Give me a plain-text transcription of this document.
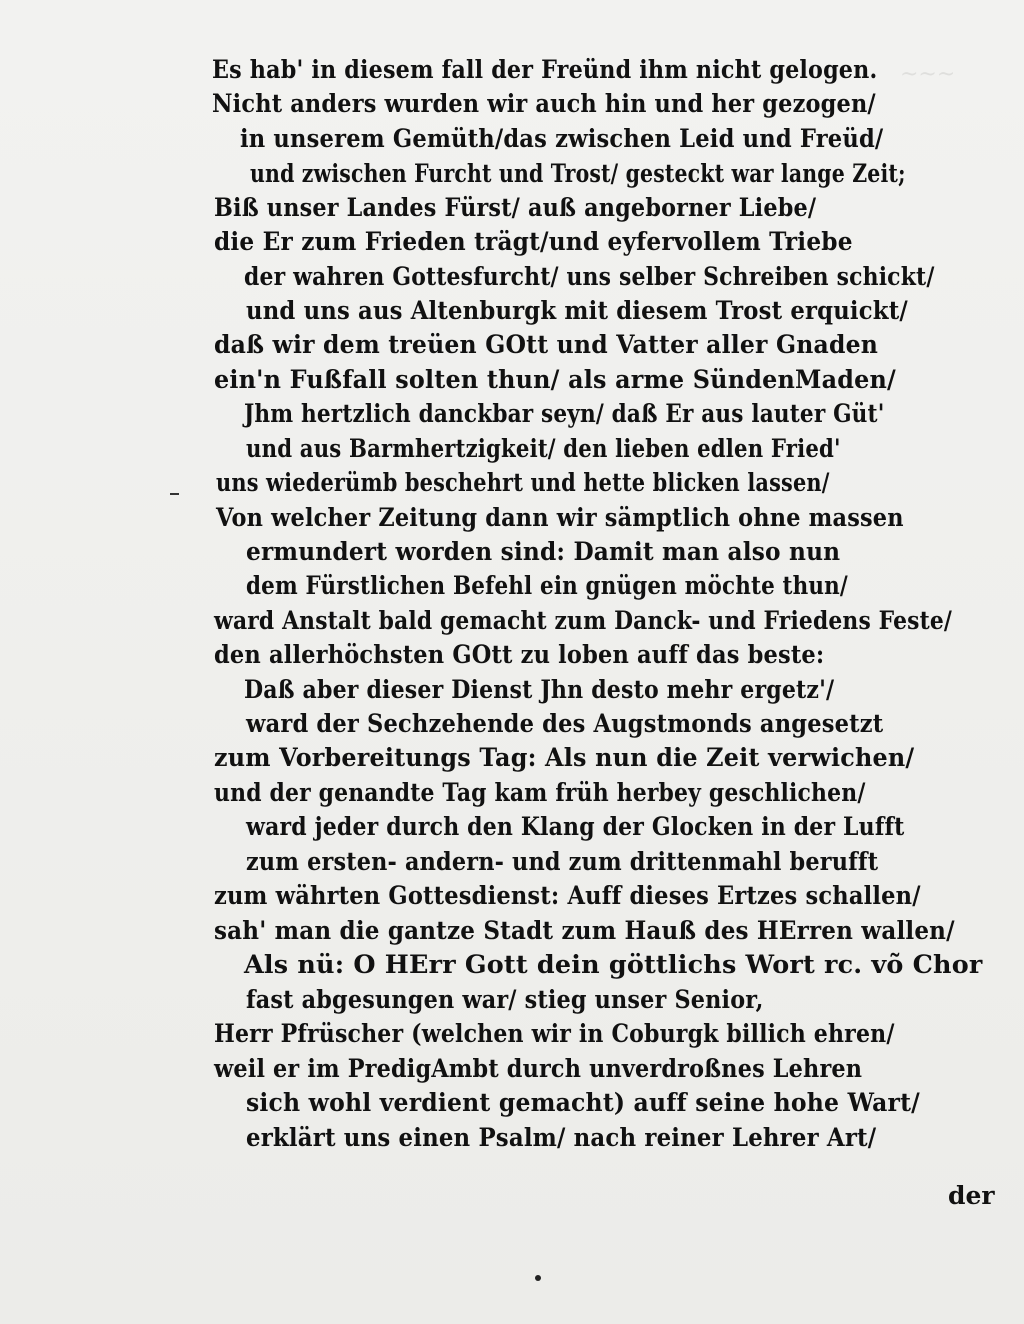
~~~
Es hab' in diesem fall der Freünd ihm nicht gelogen.
Nicht anders wurden wir auch hin und her gezogen/
in unserem Gemüth/das zwischen Leid und Freüd/
und zwischen Furcht und Trost/ gesteckt war lange Zeit;
Biß unser Landes Fürst/ auß angeborner Liebe/
die Er zum Frieden trägt/und eyfervollem Triebe
der wahren Gottesfurcht/ uns selber Schreiben schickt/
und uns aus Altenburgk mit diesem Trost erquickt/
daß wir dem treüen GOtt und Vatter aller Gnaden
ein'n Fußfall solten thun/ als arme SündenMaden/
Jhm hertzlich danckbar seyn/ daß Er aus lauter Güt'
und aus Barmhertzigkeit/ den lieben edlen Fried'
uns wiederümb beschehrt und hette blicken lassen/
Von welcher Zeitung dann wir sämptlich ohne massen
ermundert worden sind: Damit man also nun
dem Fürstlichen Befehl ein gnügen möchte thun/
ward Anstalt bald gemacht zum Danck- und Friedens Feste/
den allerhöchsten GOtt zu loben auff das beste:
Daß aber dieser Dienst Jhn desto mehr ergetz'/
ward der Sechzehende des Augstmonds angesetzt
zum Vorbereitungs Tag: Als nun die Zeit verwichen/
und der genandte Tag kam früh herbey geschlichen/
ward jeder durch den Klang der Glocken in der Lufft
zum ersten- andern- und zum drittenmahl berufft
zum währten Gottesdienst: Auff dieses Ertzes schallen/
sah' man die gantze Stadt zum Hauß des HErren wallen/
Als nü: O HErr Gott dein göttlichs Wort rc. võ Chor
fast abgesungen war/ stieg unser Senior,
Herr Pfrüscher (welchen wir in Coburgk billich ehren/
weil er im PredigAmbt durch unverdroßnes Lehren
sich wohl verdient gemacht) auff seine hohe Wart/
erklärt uns einen Psalm/ nach reiner Lehrer Art/
der
